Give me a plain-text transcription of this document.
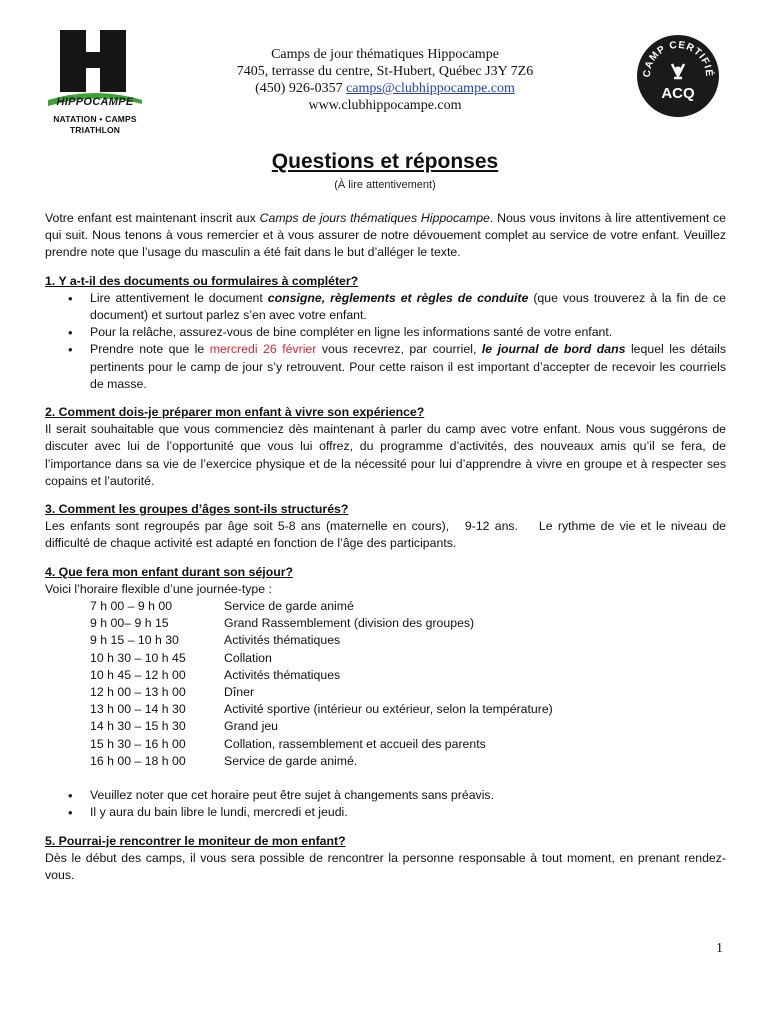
HIPPOCAMPE
NATATION • CAMPS
TRIATHLON
Camps de jour thématiques Hippocampe
7405, terrasse du centre, St-Hubert, Québec J3Y 7Z6
(450) 926-0357 camps@clubhippocampe.com
www.clubhippocampe.com
CAMP CERTIFIÉ
ACQ
Questions et réponses
(À lire attentivement)

Votre enfant est maintenant inscrit aux Camps de jours thématiques Hippocampe. Nous vous invitons à lire attentivement ce qui suit. Nous tenons à vous remercier et à vous assurer de notre dévouement complet au service de votre enfant. Veuillez prendre note que l’usage du masculin a été fait dans le but d’alléger le texte.

1. Y a-t-il des documents ou formulaires à compléter?

• Lire attentivement le document consigne, règlements et règles de conduite (que vous trouverez à la fin de ce document) et surtout parlez s’en avec votre enfant.
• Pour la relâche, assurez-vous de bine compléter en ligne les informations santé de votre enfant.
• Prendre note que le mercredi 26 février vous recevrez, par courriel, le journal de bord dans lequel les détails pertinents pour le camp de jour s’y retrouvent. Pour cette raison il est important d’accepter de recevoir les courriels de masse.

2. Comment dois-je préparer mon enfant à vivre son expérience?

Il serait souhaitable que vous commenciez dès maintenant à parler du camp avec votre enfant. Nous vous suggérons de discuter avec lui de l’opportunité que vous lui offrez, du programme d’activités, des nouveaux amis qu’il se fera, de l’importance dans sa vie de l’exercice physique et de la nécessité pour lui d’apprendre à vivre en groupe et à respecter ses copains et l’autorité.

3. Comment les groupes d’âges sont-ils structurés?

Les enfants sont regroupés par âge soit 5-8 ans (maternelle en cours),   9-12 ans.    Le rythme de vie et le niveau de difficulté de chaque activité est adapté en fonction de l’âge des participants.

4. Que fera mon enfant durant son séjour?

Voici l’horaire flexible d’une journée-type :

7 h 00 – 9 h 00	Service de garde animé
9 h 00– 9 h 15	Grand Rassemblement (division des groupes)
9 h 15 – 10 h 30	Activités thématiques
10 h 30 – 10 h 45	Collation
10 h 45 – 12 h 00	Activités thématiques
12 h 00 – 13 h 00	Dîner
13 h 00 – 14 h 30	Activité sportive (intérieur ou extérieur, selon la température)
14 h 30 – 15 h 30	Grand jeu
15 h 30 – 16 h 00	Collation, rassemblement et accueil des parents
16 h 00 – 18 h 00	Service de garde animé.
• Veuillez noter que cet horaire peut être sujet à changements sans préavis.
• Il y aura du bain libre le lundi, mercredi et jeudi.

5. Pourrai-je rencontrer le moniteur de mon enfant?

Dès le début des camps, il vous sera possible de rencontrer la personne responsable à tout moment, en prenant rendez-vous.

1
